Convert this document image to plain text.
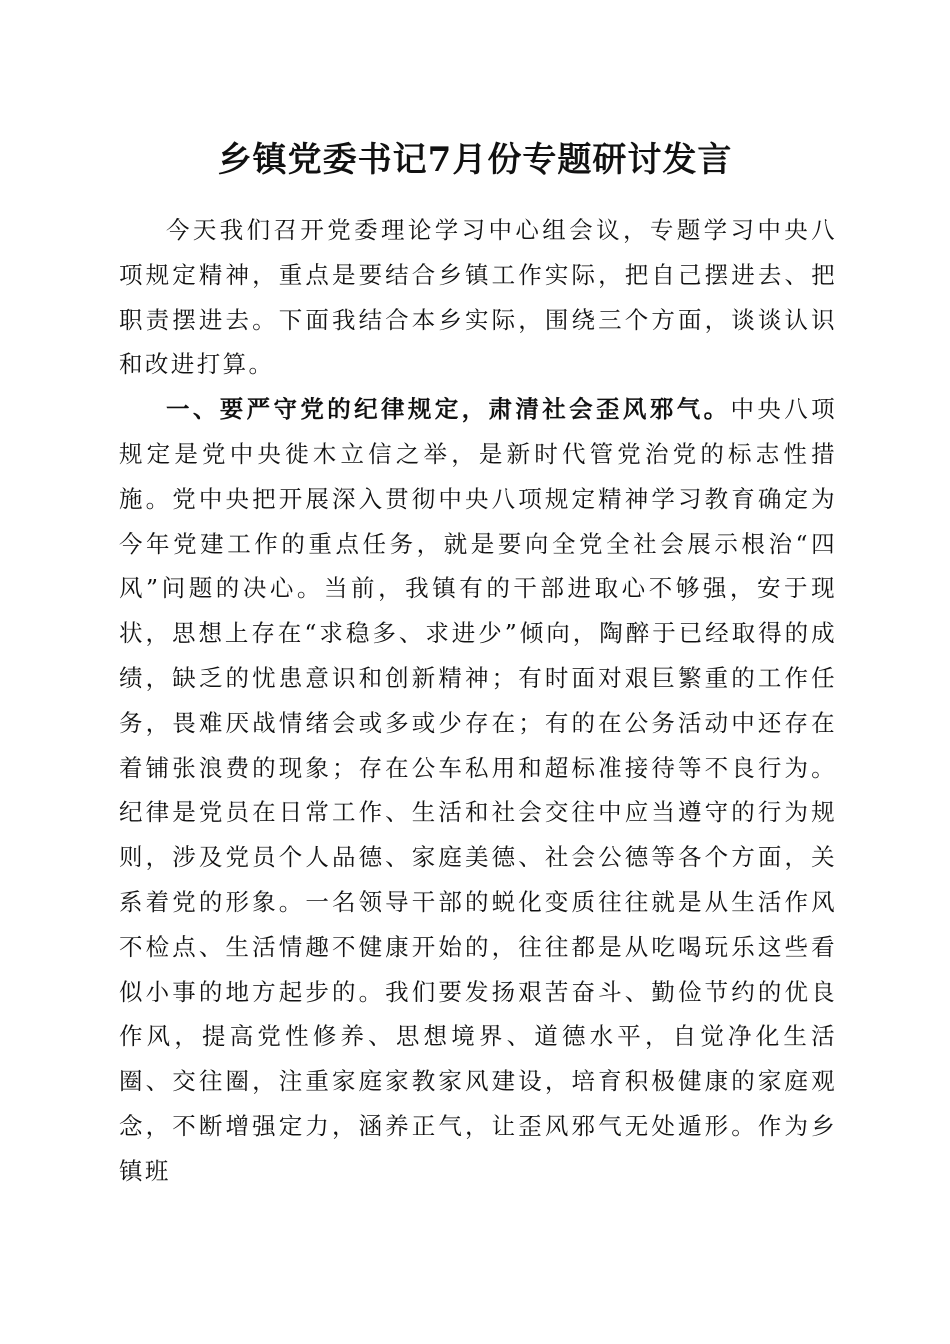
乡镇党委书记7月份专题研讨发言

今天我们召开党委理论学习中心组会议，专题学习中央八项规定精神，重点是要结合乡镇工作实际，把自己摆进去、把职责摆进去。下面我结合本乡实际，围绕三个方面，谈谈认识和改进打算。

一、要严守党的纪律规定，肃清社会歪风邪气。中央八项规定是党中央徙木立信之举，是新时代管党治党的标志性措施。党中央把开展深入贯彻中央八项规定精神学习教育确定为今年党建工作的重点任务，就是要向全党全社会展示根治“四风”问题的决心。当前，我镇有的干部进取心不够强，安于现状，思想上存在“求稳多、求进少”倾向，陶醉于已经取得的成绩，缺乏的忧患意识和创新精神；有时面对艰巨繁重的工作任务，畏难厌战情绪会或多或少存在；有的在公务活动中还存在着铺张浪费的现象；存在公车私用和超标准接待等不良行为。纪律是党员在日常工作、生活和社会交往中应当遵守的行为规则，涉及党员个人品德、家庭美德、社会公德等各个方面，关系着党的形象。一名领导干部的蜕化变质往往就是从生活作风不检点、生活情趣不健康开始的，往往都是从吃喝玩乐这些看似小事的地方起步的。我们要发扬艰苦奋斗、勤俭节约的优良作风，提高党性修养、思想境界、道德水平，自觉净化生活圈、交往圈，注重家庭家教家风建设，培育积极健康的家庭观念，不断增强定力，涵养正气，让歪风邪气无处遁形。作为乡镇班
